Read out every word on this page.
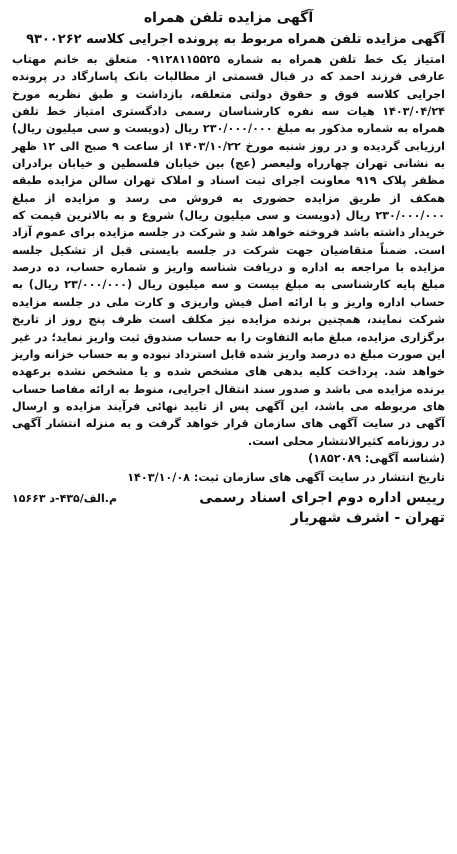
آگهی مزایده تلفن همراه

آگهی مزایده تلفن همراه مربوط به پرونده اجرایی کلاسه ۹۳۰۰۲۶۲

امتیاز یک خط تلفن همراه به شماره ۰۹۱۲۸۱۱۵۵۲۵ متعلق به خانم مهتاب عارفی فرزند احمد که در قبال قسمتی از مطالبات بانک پاسارگاد در پرونده اجرایی کلاسه فوق و حقوق دولتی متعلقه، بازداشت و طبق نظریه مورخ ۱۴۰۳/۰۴/۲۴ هیات سه نفره کارشناسان رسمی دادگستری امتیاز خط تلفن همراه به شماره مذکور به مبلغ ۲۳۰/۰۰۰/۰۰۰ ریال (دویست و سی میلیون ریال) ارزیابی گردیده و در روز شنبه مورخ ۱۴۰۳/۱۰/۲۲ از ساعت ۹ صبح الی ۱۲ ظهر به نشانی تهران چهارراه ولیعصر (عج) بین خیابان فلسطین و خیابان برادران مظفر پلاک ۹۱۹ معاونت اجرای ثبت اسناد و املاک تهران سالن مزایده طبقه همکف از طریق مزایده حضوری به فروش می رسد و مزایده از مبلغ ۲۳۰/۰۰۰/۰۰۰ ریال (دویست و سی میلیون ریال) شروع و به بالاترین قیمت که خریدار داشته باشد فروخته خواهد شد و شرکت در جلسه مزایده برای عموم آزاد است. ضمناً متقاضیان جهت شرکت در جلسه بایستی قبل از تشکیل جلسه مزایده با مراجعه به اداره و دریافت شناسه واریز و شماره حساب، ده درصد مبلغ پایه کارشناسی به مبلغ بیست و سه میلیون ریال (۲۳/۰۰۰/۰۰۰ ریال) به حساب اداره واریز و با ارائه اصل فیش واریزی و کارت ملی در جلسه مزایده شرکت نمایند، همچنین برنده مزایده نیز مکلف است ظرف پنج روز از تاریخ برگزاری مزایده، مبلغ مابه التفاوت را به حساب صندوق ثبت واریز نماید؛ در غیر این صورت مبلغ ده درصد واریز شده قابل استرداد نبوده و به حساب خزانه واریز خواهد شد. پرداخت کلیه بدهی های مشخص شده و یا مشخص نشده برعهده برنده مزایده می باشد و صدور سند انتقال اجرایی، منوط به ارائه مفاصا حساب های مربوطه می باشد، این آگهی پس از تایید نهائی فرآیند مزایده و ارسال آگهی در سایت آگهی های سازمان قرار خواهد گرفت و به منزله انتشار آگهی در روزنامه کثیرالانتشار محلی است.

(شناسه آگهی: ۱۸۵۲۰۸۹)

تاریخ انتشار در سایت آگهی های سازمان ثبت: ۱۴۰۳/۱۰/۰۸

رییس اداره دوم اجرای اسناد رسمی
م.الف/۴۳۵-د ۱۵۶۶۳

تهران - اشرف شهریار
